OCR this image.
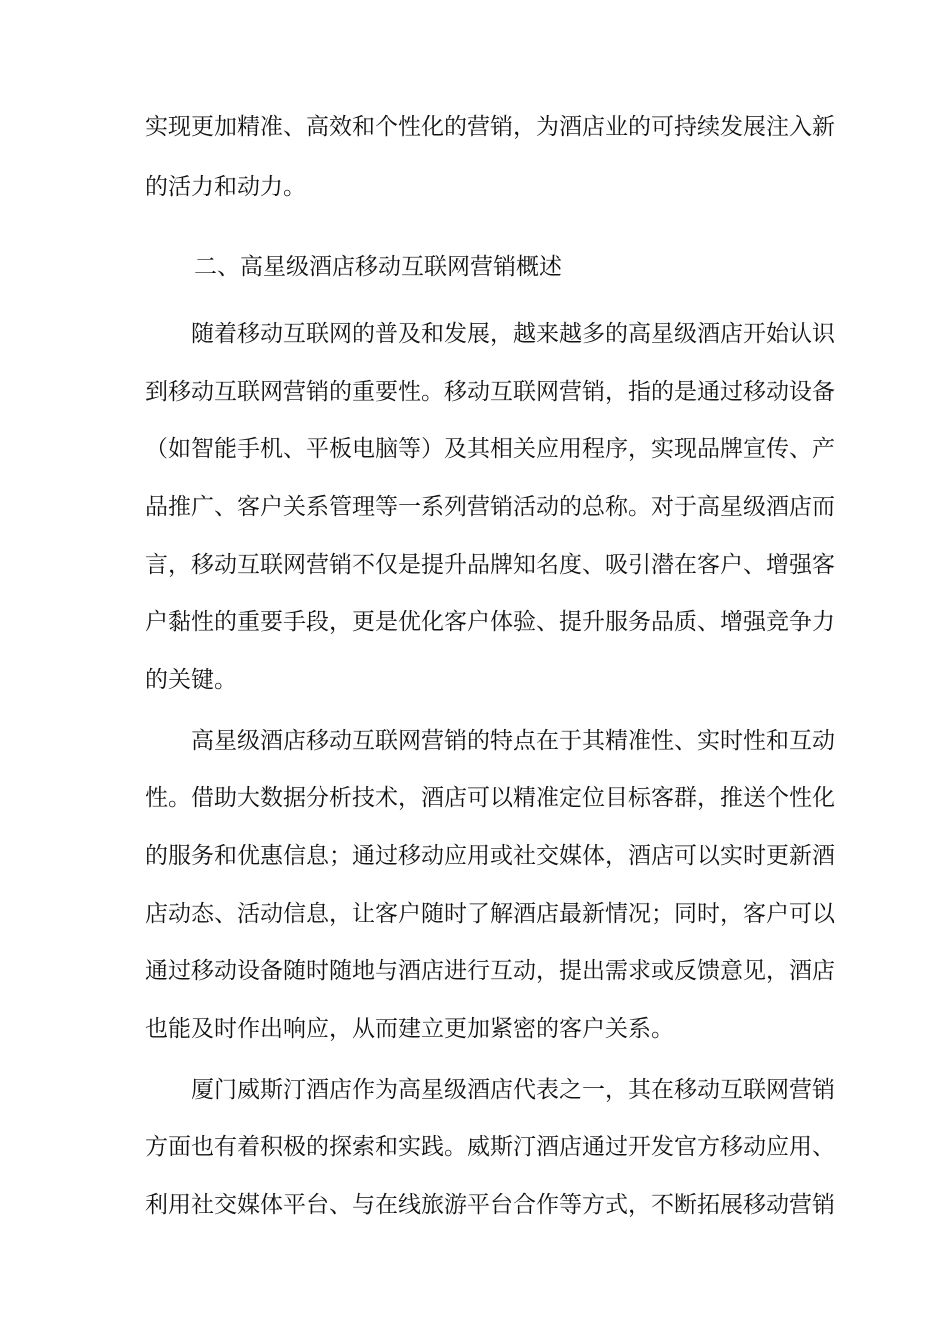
实现更加精准、高效和个性化的营销，为酒店业的可持续发展注入新

的活力和动力。

二、高星级酒店移动互联网营销概述

随着移动互联网的普及和发展，越来越多的高星级酒店开始认识

到移动互联网营销的重要性。移动互联网营销，指的是通过移动设备

（如智能手机、平板电脑等）及其相关应用程序，实现品牌宣传、产

品推广、客户关系管理等一系列营销活动的总称。对于高星级酒店而

言，移动互联网营销不仅是提升品牌知名度、吸引潜在客户、增强客

户黏性的重要手段，更是优化客户体验、提升服务品质、增强竞争力

的关键。

高星级酒店移动互联网营销的特点在于其精准性、实时性和互动

性。借助大数据分析技术，酒店可以精准定位目标客群，推送个性化

的服务和优惠信息；通过移动应用或社交媒体，酒店可以实时更新酒

店动态、活动信息，让客户随时了解酒店最新情况；同时，客户可以

通过移动设备随时随地与酒店进行互动，提出需求或反馈意见，酒店

也能及时作出响应，从而建立更加紧密的客户关系。

厦门威斯汀酒店作为高星级酒店代表之一，其在移动互联网营销

方面也有着积极的探索和实践。威斯汀酒店通过开发官方移动应用、

利用社交媒体平台、与在线旅游平台合作等方式，不断拓展移动营销
